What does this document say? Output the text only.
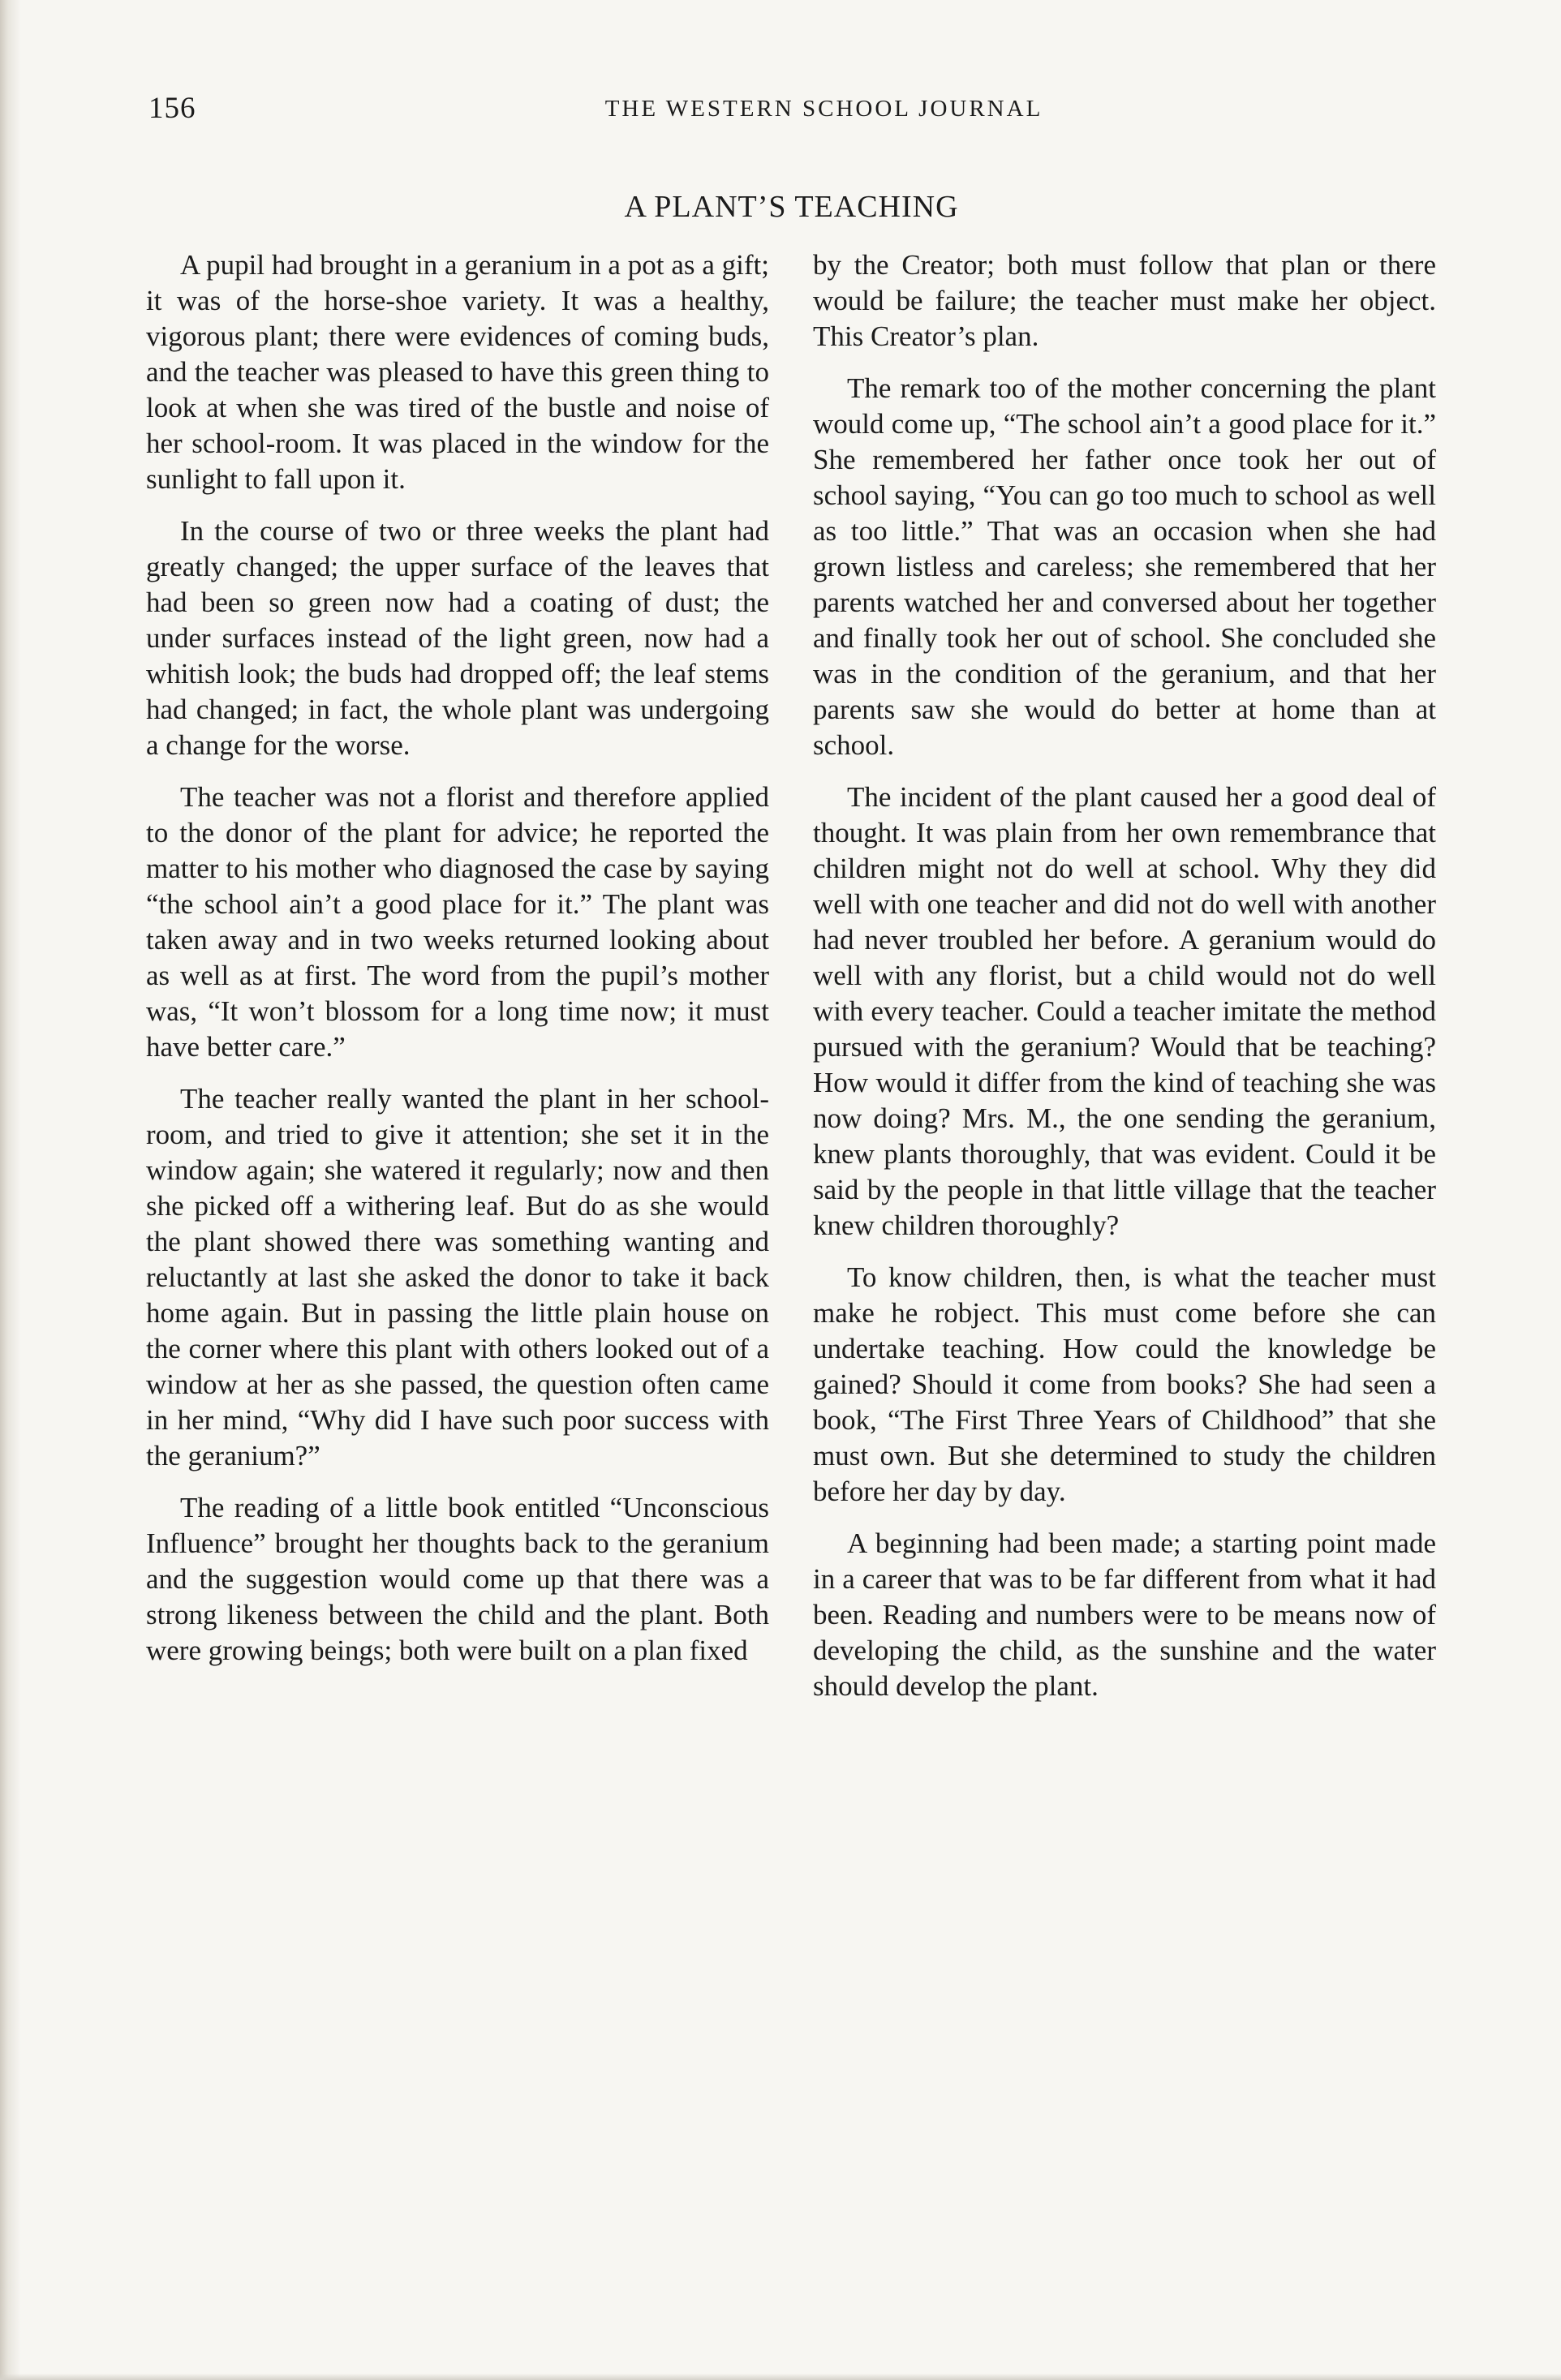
156	THE WESTERN SCHOOL JOURNAL
A PLANT’S TEACHING

A pupil had brought in a geranium in a pot as a gift; it was of the horse-shoe variety. It was a healthy, vigorous plant; there were evidences of coming buds, and the teacher was pleased to have this green thing to look at when she was tired of the bustle and noise of her school-room. It was placed in the window for the sunlight to fall upon it.

In the course of two or three weeks the plant had greatly changed; the upper surface of the leaves that had been so green now had a coating of dust; the under surfaces instead of the light green, now had a whitish look; the buds had dropped off; the leaf stems had changed; in fact, the whole plant was undergoing a change for the worse.

The teacher was not a florist and therefore applied to the donor of the plant for advice; he reported the matter to his mother who diagnosed the case by saying “the school ain’t a good place for it.” The plant was taken away and in two weeks returned looking about as well as at first. The word from the pupil’s mother was, “It won’t blossom for a long time now; it must have better care.”

The teacher really wanted the plant in her school-room, and tried to give it attention; she set it in the window again; she watered it regularly; now and then she picked off a withering leaf. But do as she would the plant showed there was something wanting and reluctantly at last she asked the donor to take it back home again. But in passing the little plain house on the corner where this plant with others looked out of a window at her as she passed, the question often came in her mind, “Why did I have such poor success with the geranium?”

The reading of a little book entitled “Unconscious Influence” brought her thoughts back to the geranium and the suggestion would come up that there was a strong likeness between the child and the plant. Both were growing beings; both were built on a plan fixed

by the Creator; both must follow that plan or there would be failure; the teacher must make her object. This Creator’s plan.

The remark too of the mother concerning the plant would come up, “The school ain’t a good place for it.” She remembered her father once took her out of school saying, “You can go too much to school as well as too little.” That was an occasion when she had grown listless and careless; she remembered that her parents watched her and conversed about her together and finally took her out of school. She concluded she was in the condition of the geranium, and that her parents saw she would do better at home than at school.

The incident of the plant caused her a good deal of thought. It was plain from her own remembrance that children might not do well at school. Why they did well with one teacher and did not do well with another had never troubled her before. A geranium would do well with any florist, but a child would not do well with every teacher. Could a teacher imitate the method pursued with the geranium? Would that be teaching? How would it differ from the kind of teaching she was now doing? Mrs. M., the one sending the geranium, knew plants thoroughly, that was evident. Could it be said by the people in that little village that the teacher knew children thoroughly?

To know children, then, is what the teacher must make he robject. This must come before she can undertake teaching. How could the knowledge be gained? Should it come from books? She had seen a book, “The First Three Years of Childhood” that she must own. But she determined to study the children before her day by day.

A beginning had been made; a starting point made in a career that was to be far different from what it had been. Reading and numbers were to be means now of developing the child, as the sunshine and the water should develop the plant.
